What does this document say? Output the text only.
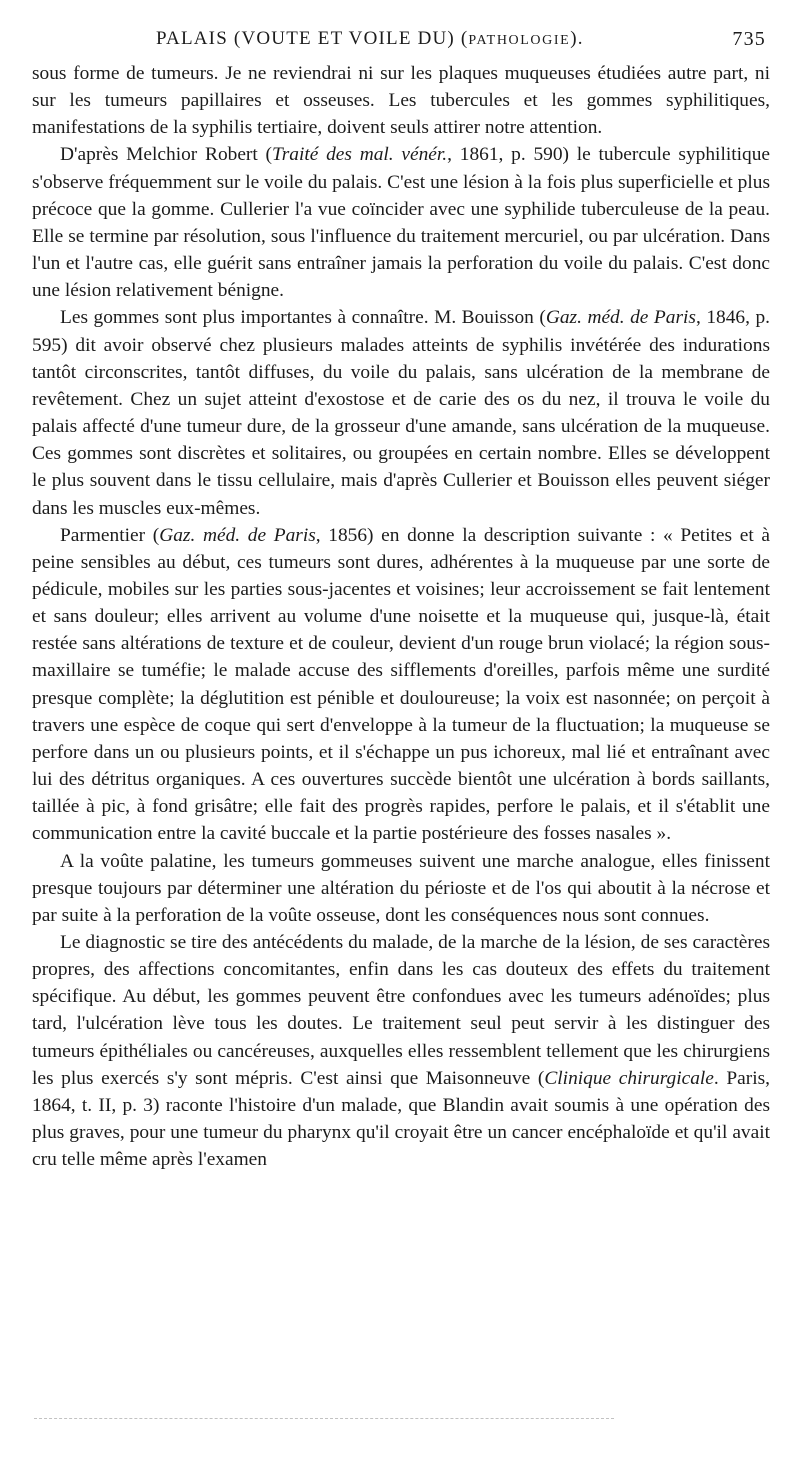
PALAIS (VOUTE ET VOILE DU) (PATHOLOGIE).	735

sous forme de tumeurs. Je ne reviendrai ni sur les plaques muqueuses étudiées autre part, ni sur les tumeurs papillaires et osseuses. Les tubercules et les gommes syphilitiques, manifestations de la syphilis tertiaire, doivent seuls attirer notre attention.

D'après Melchior Robert (Traité des mal. vénér., 1861, p. 590) le tubercule syphilitique s'observe fréquemment sur le voile du palais. C'est une lésion à la fois plus superficielle et plus précoce que la gomme. Cullerier l'a vue coïncider avec une syphilide tuberculeuse de la peau. Elle se termine par résolution, sous l'influence du traitement mercuriel, ou par ulcération. Dans l'un et l'autre cas, elle guérit sans entraîner jamais la perforation du voile du palais. C'est donc une lésion relativement bénigne.

Les gommes sont plus importantes à connaître. M. Bouisson (Gaz. méd. de Paris, 1846, p. 595) dit avoir observé chez plusieurs malades atteints de syphilis invétérée des indurations tantôt circonscrites, tantôt diffuses, du voile du palais, sans ulcération de la membrane de revêtement. Chez un sujet atteint d'exostose et de carie des os du nez, il trouva le voile du palais affecté d'une tumeur dure, de la grosseur d'une amande, sans ulcération de la muqueuse. Ces gommes sont discrètes et solitaires, ou groupées en certain nombre. Elles se développent le plus souvent dans le tissu cellulaire, mais d'après Cullerier et Bouisson elles peuvent siéger dans les muscles eux-mêmes.

Parmentier (Gaz. méd. de Paris, 1856) en donne la description suivante : « Petites et à peine sensibles au début, ces tumeurs sont dures, adhérentes à la muqueuse par une sorte de pédicule, mobiles sur les parties sous-jacentes et voisines; leur accroissement se fait lentement et sans douleur; elles arrivent au volume d'une noisette et la muqueuse qui, jusque-là, était restée sans altérations de texture et de couleur, devient d'un rouge brun violacé; la région sous-maxillaire se tuméfie; le malade accuse des sifflements d'oreilles, parfois même une surdité presque complète; la déglutition est pénible et douloureuse; la voix est nasonnée; on perçoit à travers une espèce de coque qui sert d'enveloppe à la tumeur de la fluctuation; la muqueuse se perfore dans un ou plusieurs points, et il s'échappe un pus ichoreux, mal lié et entraînant avec lui des détritus organiques. A ces ouvertures succède bientôt une ulcération à bords saillants, taillée à pic, à fond grisâtre; elle fait des progrès rapides, perfore le palais, et il s'établit une communication entre la cavité buccale et la partie postérieure des fosses nasales ».

A la voûte palatine, les tumeurs gommeuses suivent une marche analogue, elles finissent presque toujours par déterminer une altération du périoste et de l'os qui aboutit à la nécrose et par suite à la perforation de la voûte osseuse, dont les conséquences nous sont connues.

Le diagnostic se tire des antécédents du malade, de la marche de la lésion, de ses caractères propres, des affections concomitantes, enfin dans les cas douteux des effets du traitement spécifique. Au début, les gommes peuvent être confondues avec les tumeurs adénoïdes; plus tard, l'ulcération lève tous les doutes. Le traitement seul peut servir à les distinguer des tumeurs épithéliales ou cancéreuses, auxquelles elles ressemblent tellement que les chirurgiens les plus exercés s'y sont mépris. C'est ainsi que Maisonneuve (Clinique chirurgicale. Paris, 1864, t. II, p. 3) raconte l'histoire d'un malade, que Blandin avait soumis à une opération des plus graves, pour une tumeur du pharynx qu'il croyait être un cancer encéphaloïde et qu'il avait cru telle même après l'examen
